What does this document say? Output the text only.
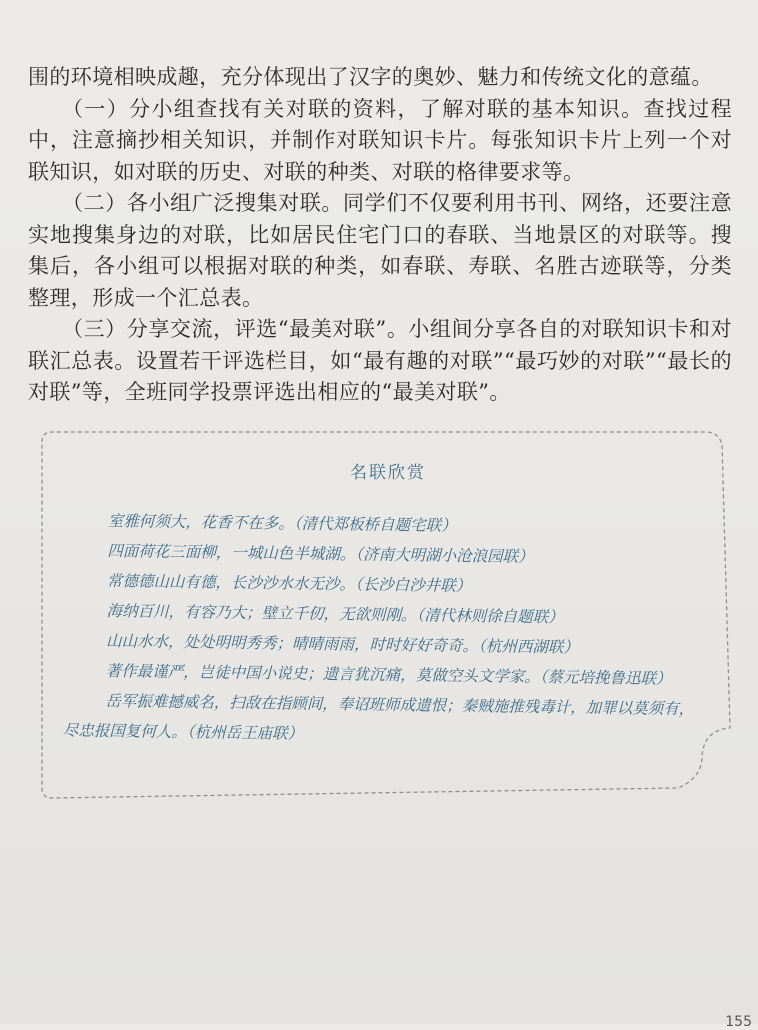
围的环境相映成趣，充分体现出了汉字的奥妙、魅力和传统文化的意蕴。

（一）分小组查找有关对联的资料，了解对联的基本知识。查找过程中，注意摘抄相关知识，并制作对联知识卡片。每张知识卡片上列一个对联知识，如对联的历史、对联的种类、对联的格律要求等。

（二）各小组广泛搜集对联。同学们不仅要利用书刊、网络，还要注意实地搜集身边的对联，比如居民住宅门口的春联、当地景区的对联等。搜集后，各小组可以根据对联的种类，如春联、寿联、名胜古迹联等，分类整理，形成一个汇总表。

（三）分享交流，评选“最美对联”。小组间分享各自的对联知识卡和对联汇总表。设置若干评选栏目，如“最有趣的对联”“最巧妙的对联”“最长的对联”等，全班同学投票评选出相应的“最美对联”。

名联欣赏
室雅何须大，花香不在多。（清代郑板桥自题宅联）
四面荷花三面柳，一城山色半城湖。（济南大明湖小沧浪园联）
常德德山山有德，长沙沙水水无沙。（长沙白沙井联）
海纳百川，有容乃大；壁立千仞，无欲则刚。（清代林则徐自题联）
山山水水，处处明明秀秀；晴晴雨雨，时时好好奇奇。（杭州西湖联）
著作最谨严，岂徒中国小说史；遗言犹沉痛，莫做空头文学家。（蔡元培挽鲁迅联）
岳军振难撼威名，扫敌在指顾间，奉诏班师成遗恨；秦贼施推残毒计，加罪以莫须有，尽忠报国复何人。（杭州岳王庙联）
155
